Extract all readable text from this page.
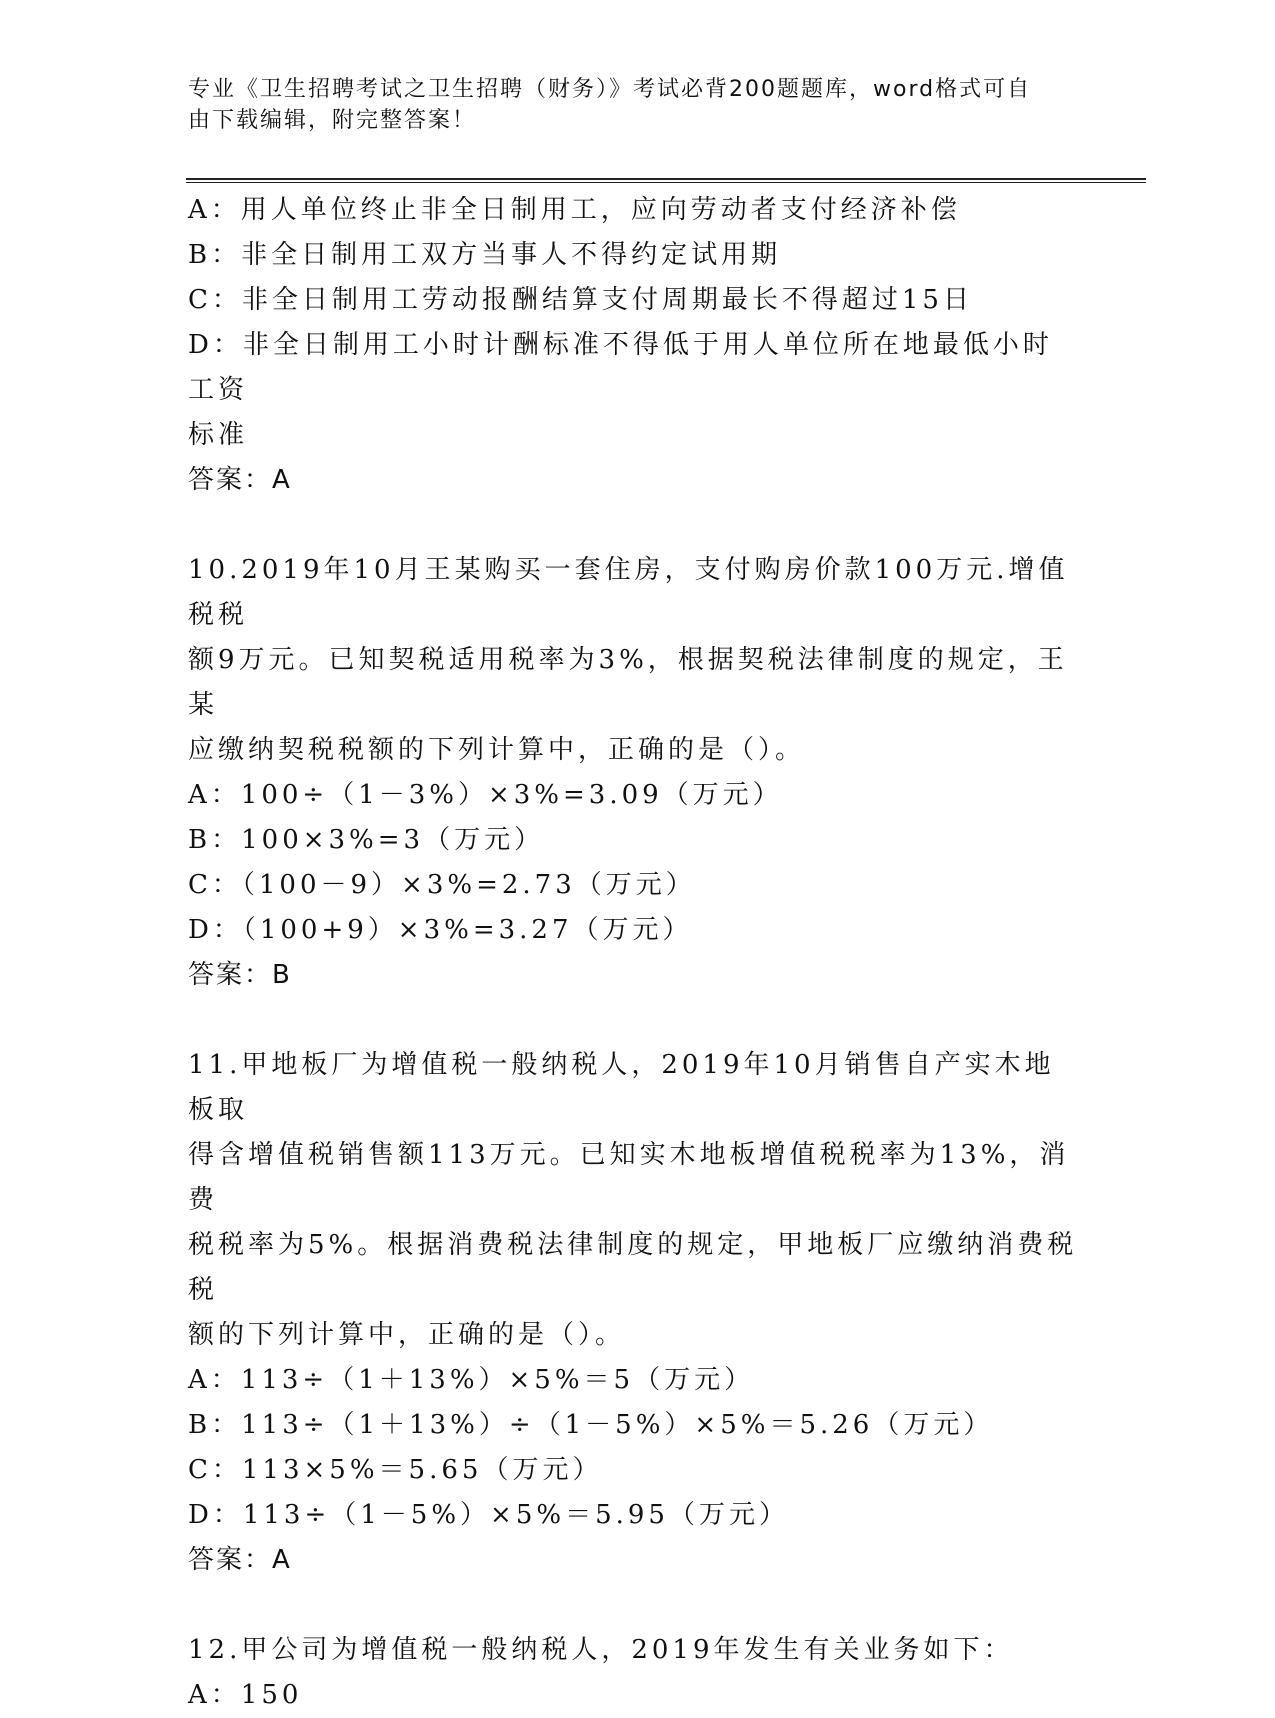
专业《卫生招聘考试之卫生招聘（财务）》考试必背200题题库，word格式可自
由下载编辑，附完整答案！
A：用人单位终止非全日制用工，应向劳动者支付经济补偿
B：非全日制用工双方当事人不得约定试用期
C：非全日制用工劳动报酬结算支付周期最长不得超过15日
D：非全日制用工小时计酬标准不得低于用人单位所在地最低小时工资
标准
答案：A
10.2019年10月王某购买一套住房，支付购房价款100万元.增值税税
额9万元。已知契税适用税率为3%，根据契税法律制度的规定，王某
应缴纳契税税额的下列计算中，正确的是（）。
A：100÷（1－3%）×3%=3.09（万元）
B：100×3%=3（万元）
C：（100－9）×3%=2.73（万元）
D：（100+9）×3%=3.27（万元）
答案：B
11.甲地板厂为增值税一般纳税人，2019年10月销售自产实木地板取
得含增值税销售额113万元。已知实木地板增值税税率为13%，消费
税税率为5%。根据消费税法律制度的规定，甲地板厂应缴纳消费税税
额的下列计算中，正确的是（）。
A：113÷（1＋13%）×5%＝5（万元）
B：113÷（1＋13%）÷（1－5%）×5%＝5.26（万元）
C：113×5%＝5.65（万元）
D：113÷（1－5%）×5%＝5.95（万元）
答案：A
12.甲公司为增值税一般纳税人，2019年发生有关业务如下：
A：150
